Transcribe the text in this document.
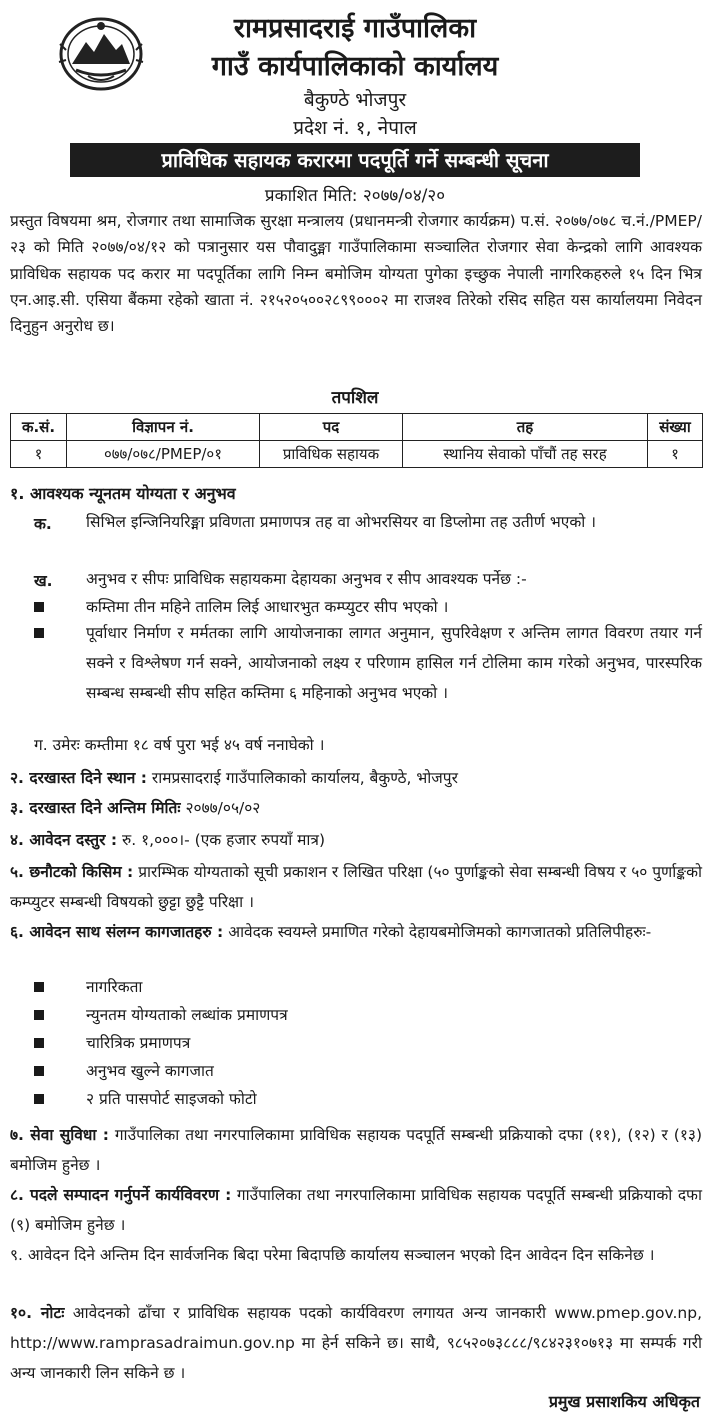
रामप्रसादराई गाउँपालिका
गाउँ कार्यपालिकाको कार्यालय
बैकुण्ठे भोजपुर
प्रदेश नं. १, नेपाल
प्राविधिक सहायक करारमा पदपूर्ति गर्ने सम्बन्धी सूचना
प्रकाशित मिति: २०७७/०४/२०
प्रस्तुत विषयमा श्रम, रोजगार तथा सामाजिक सुरक्षा मन्त्रालय (प्रधानमन्त्री रोजगार कार्यक्रम) प.सं. २०७७/०७८ च.नं./PMEP/२३ को मिति २०७७/०४/१२ को पत्रानुसार यस पौवादुङ्मा गाउँपालिकामा सञ्चालित रोजगार सेवा केन्द्रको लागि आवश्यक प्राविधिक सहायक पद करार मा पदपूर्तिका लागि निम्न बमोजिम योग्यता पुगेका इच्छुक नेपाली नागरिकहरुले १५ दिन भित्र एन.आइ.सी. एसिया बैंकमा रहेको खाता नं. २१५२०५००२८९९०००२ मा राजश्व तिरेको रसिद सहित यस कार्यालयमा निवेदन दिनुहुन अनुरोध छ।
तपशिल
क.सं.	विज्ञापन नं.	पद	तह	संख्या
१	०७७/०७८/PMEP/०१	प्राविधिक सहायक	स्थानिय सेवाको पाँचौं तह सरह	१
१. आवश्यक न्यूनतम योग्यता र अनुभव
क. सिभिल इन्जिनियरिङ्मा प्रविणता प्रमाणपत्र तह वा ओभरसियर वा डिप्लोमा तह उतीर्ण भएको ।
ख. अनुभव र सीपः प्राविधिक सहायकमा देहायका अनुभव र सीप आवश्यक पर्नेछ :-
कम्तिमा तीन महिने तालिम लिई आधारभुत कम्प्युटर सीप भएको ।
पूर्वाधार निर्माण र मर्मतका लागि आयोजनाका लागत अनुमान, सुपरिवेक्षण र अन्तिम लागत विवरण तयार गर्न सक्ने र विश्लेषण गर्न सक्ने, आयोजनाको लक्ष्य र परिणाम हासिल गर्न टोलिमा काम गरेको अनुभव, पारस्परिक सम्बन्ध सम्बन्धी सीप सहित कम्तिमा ६ महिनाको अनुभव भएको ।
ग. उमेरः कम्तीमा १८ वर्ष पुरा भई ४५ वर्ष ननाघेको ।
२. दरखास्त दिने स्थान : रामप्रसादराई गाउँपालिकाको कार्यालय, बैकुण्ठे, भोजपुर
३. दरखास्त दिने अन्तिम मितिः २०७७/०५/०२
४. आवेदन दस्तुर : रु. १,०००।- (एक हजार रुपयाँ मात्र)
५. छनौटको किसिम : प्रारम्भिक योग्यताको सूची प्रकाशन र लिखित परिक्षा (५० पुर्णाङ्कको सेवा सम्बन्धी विषय र ५० पुर्णाङ्कको कम्प्युटर सम्बन्धी विषयको छुट्टा छुट्टै परिक्षा ।
६. आवेदन साथ संलग्न कागजातहरु : आवेदक स्वयम्ले प्रमाणित गरेको देहायबमोजिमको कागजातको प्रतिलिपीहरुः-
नागरिकता
न्युनतम योग्यताको लब्धांक प्रमाणपत्र
चारित्रिक प्रमाणपत्र
अनुभव खुल्ने कागजात
२ प्रति पासपोर्ट साइजको फोटो
७. सेवा सुविधा : गाउँपालिका तथा नगरपालिकामा प्राविधिक सहायक पदपूर्ति सम्बन्धी प्रक्रियाको दफा (११), (१२) र (१३) बमोजिम हुनेछ ।
८. पदले सम्पादन गर्नुपर्ने कार्यविवरण : गाउँपालिका तथा नगरपालिकामा प्राविधिक सहायक पदपूर्ति सम्बन्धी प्रक्रियाको दफा (९) बमोजिम हुनेछ ।
९. आवेदन दिने अन्तिम दिन सार्वजनिक बिदा परेमा बिदापछि कार्यालय सञ्चालन भएको दिन आवेदन दिन सकिनेछ ।
१०. नोटः आवेदनको ढाँचा र प्राविधिक सहायक पदको कार्यविवरण लगायत अन्य जानकारी www.pmep.gov.np, http://www.ramprasadraimun.gov.np मा हेर्न सकिने छ। साथै, ९८५२०७३८८८/९८४२३१०७१३ मा सम्पर्क गरी अन्य जानकारी लिन सकिने छ ।
प्रमुख प्रसाशकिय अधिकृत
